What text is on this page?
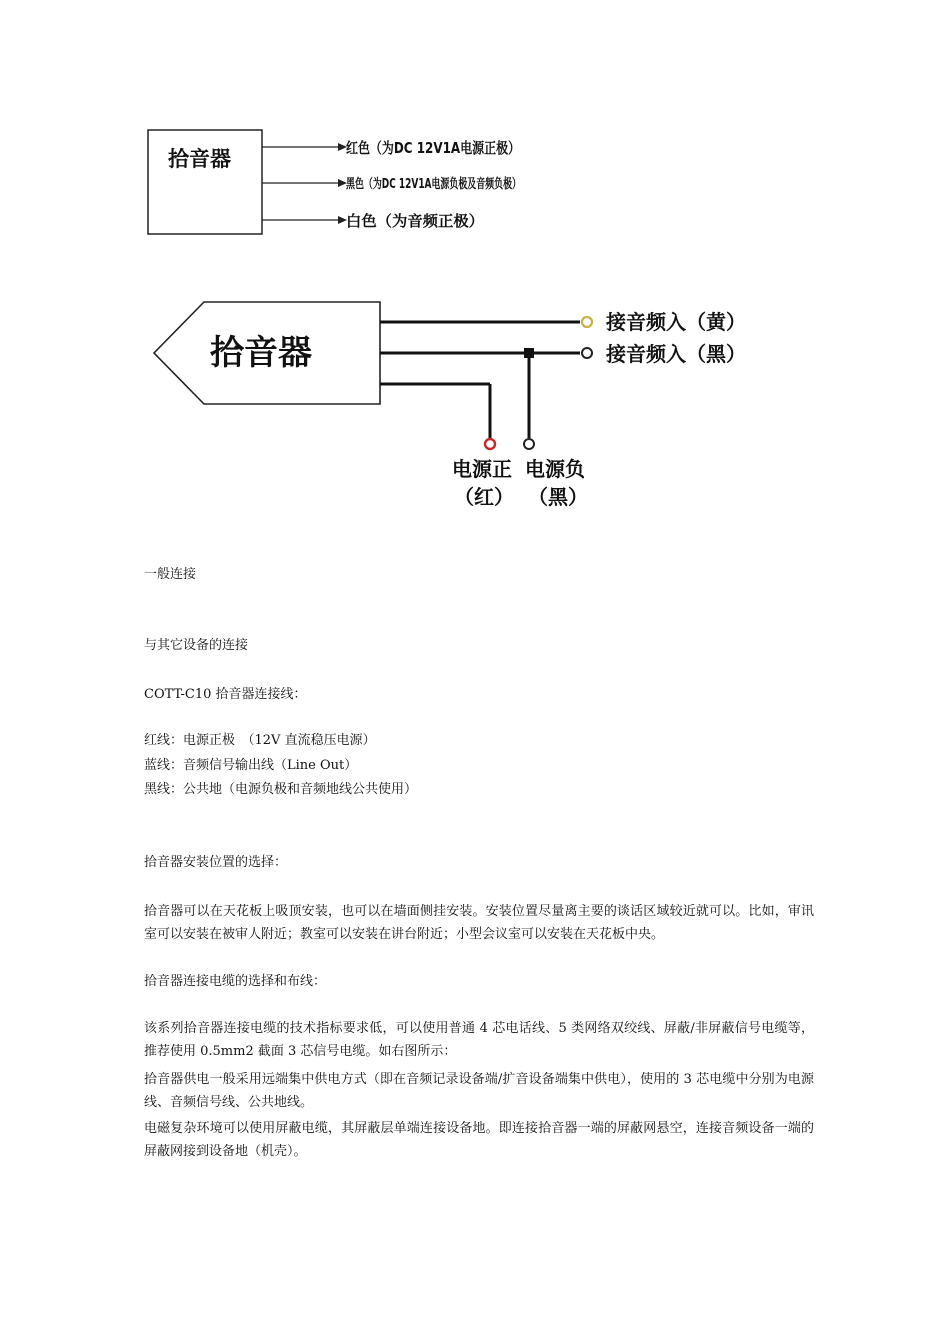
拾音器	红色（为DC 12V1A电源正极）
黑色（为DC 12V1A电源负极及音频负极）
白色（为音频正极）
拾音器
接音频入（黄）
接音频入（黑）
电源正
（红）
电源负
（黑）
一般连接
与其它设备的连接
COTT-C10 拾音器连接线：
红线：电源正极　（12V 直流稳压电源）
蓝线：音频信号输出线（Line Out）
黑线：公共地（电源负极和音频地线公共使用）
拾音器安装位置的选择：
拾音器可以在天花板上吸顶安装，也可以在墙面侧挂安装。安装位置尽量离主要的谈话区域较近就可以。比如，审讯室可以安装在被审人附近；教室可以安装在讲台附近；小型会议室可以安装在天花板中央。
拾音器连接电缆的选择和布线：
该系列拾音器连接电缆的技术指标要求低，可以使用普通 4 芯电话线、5 类网络双绞线、屏蔽/非屏蔽信号电缆等，推荐使用 0.5mm2 截面 3 芯信号电缆。如右图所示：
拾音器供电一般采用远端集中供电方式（即在音频记录设备端/扩音设备端集中供电），使用的 3 芯电缆中分别为电源线、音频信号线、公共地线。
电磁复杂环境可以使用屏蔽电缆，其屏蔽层单端连接设备地。即连接拾音器一端的屏蔽网悬空，连接音频设备一端的屏蔽网接到设备地（机壳）。
